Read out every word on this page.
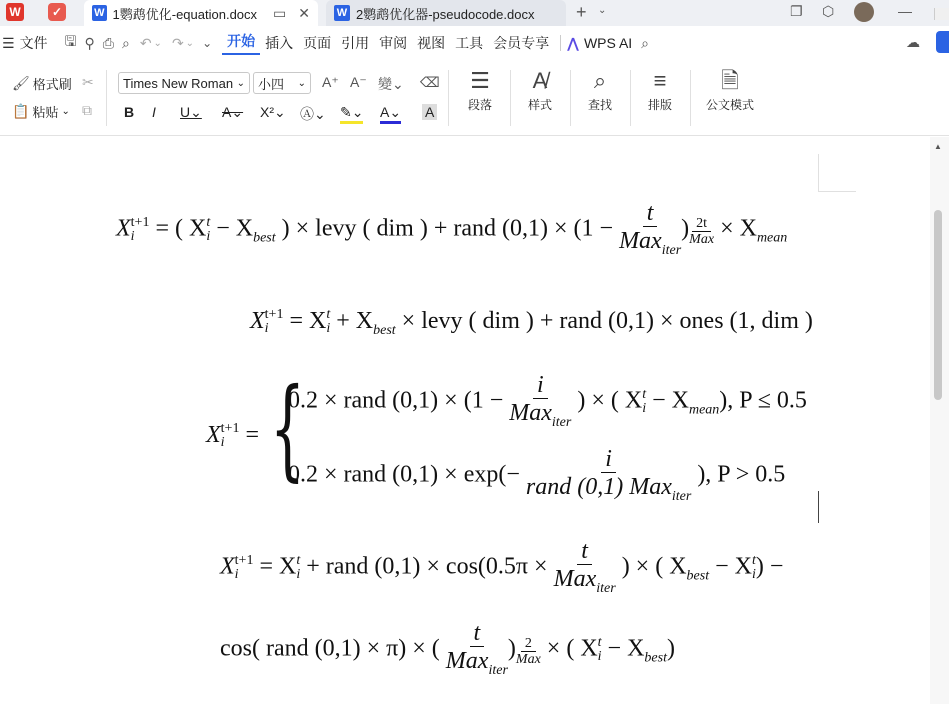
W	✓	W 1鹦鹉优化-equation.docx ▭ ✕ W 2鹦鹉优化器-pseudocode.docx + ⌄	❐ ⬡	—
☰ 文件	🖫 ⚲ ⎙ ⌕ ↶ ⌄ ↷ ⌄ ⌄	开始 插入 页面 引用 审阅 视图 工具 会员专享	⋀ WPS AI ⌕	☁
🖌 格式刷 ✂
📋 粘贴 ⌄ ⧉
Times New Roman ⌄ 小四 ⌄ A⁺ A⁻ 變⌄ ⌫
B I U⌄ A⌄ X²⌄ Ⓐ⌄ ✎⌄ A⌄ A
☰
段落
A̸
样式
⌕
查找
≡
排版
🗎
公文模式
X t+1
i = ( X t
$i - X_{best}$ ) × levy ( dim ) + rand $(0,1) \times (1 - \frac{t}{Max_{iter}}$ ) $\frac{2t}{\text{Max}} \times X_{mean}$
X t+1
i = X t
$i + X_{best}$ × levy ( dim ) + rand (0,1) × ones (1, dim )
X t+1
i = {
0.2 × rand $(0,1) \times (1 - \frac{i}{Max_{iter}}$ ) × ( X t
$i - X_{mean}$), P ≤ 0.5
0.2 × rand $(0,1) \times \exp(- \frac{i}{rand (0,1) Max_{iter}}$ ), P > 0.5
X t+1
i = X t
i + rand $(0,1) \times \cos(0.5\pi \times \frac{t}{Max_{iter}}$ ) × ( $X_{best} - X$ t
i ) −
cos( rand (0,1) × π) × ( $\frac{t}{Max_{iter}}$ ) $\frac{2}{\text{Max}}$ × ( X t
$i - X_{best}$)
▲
